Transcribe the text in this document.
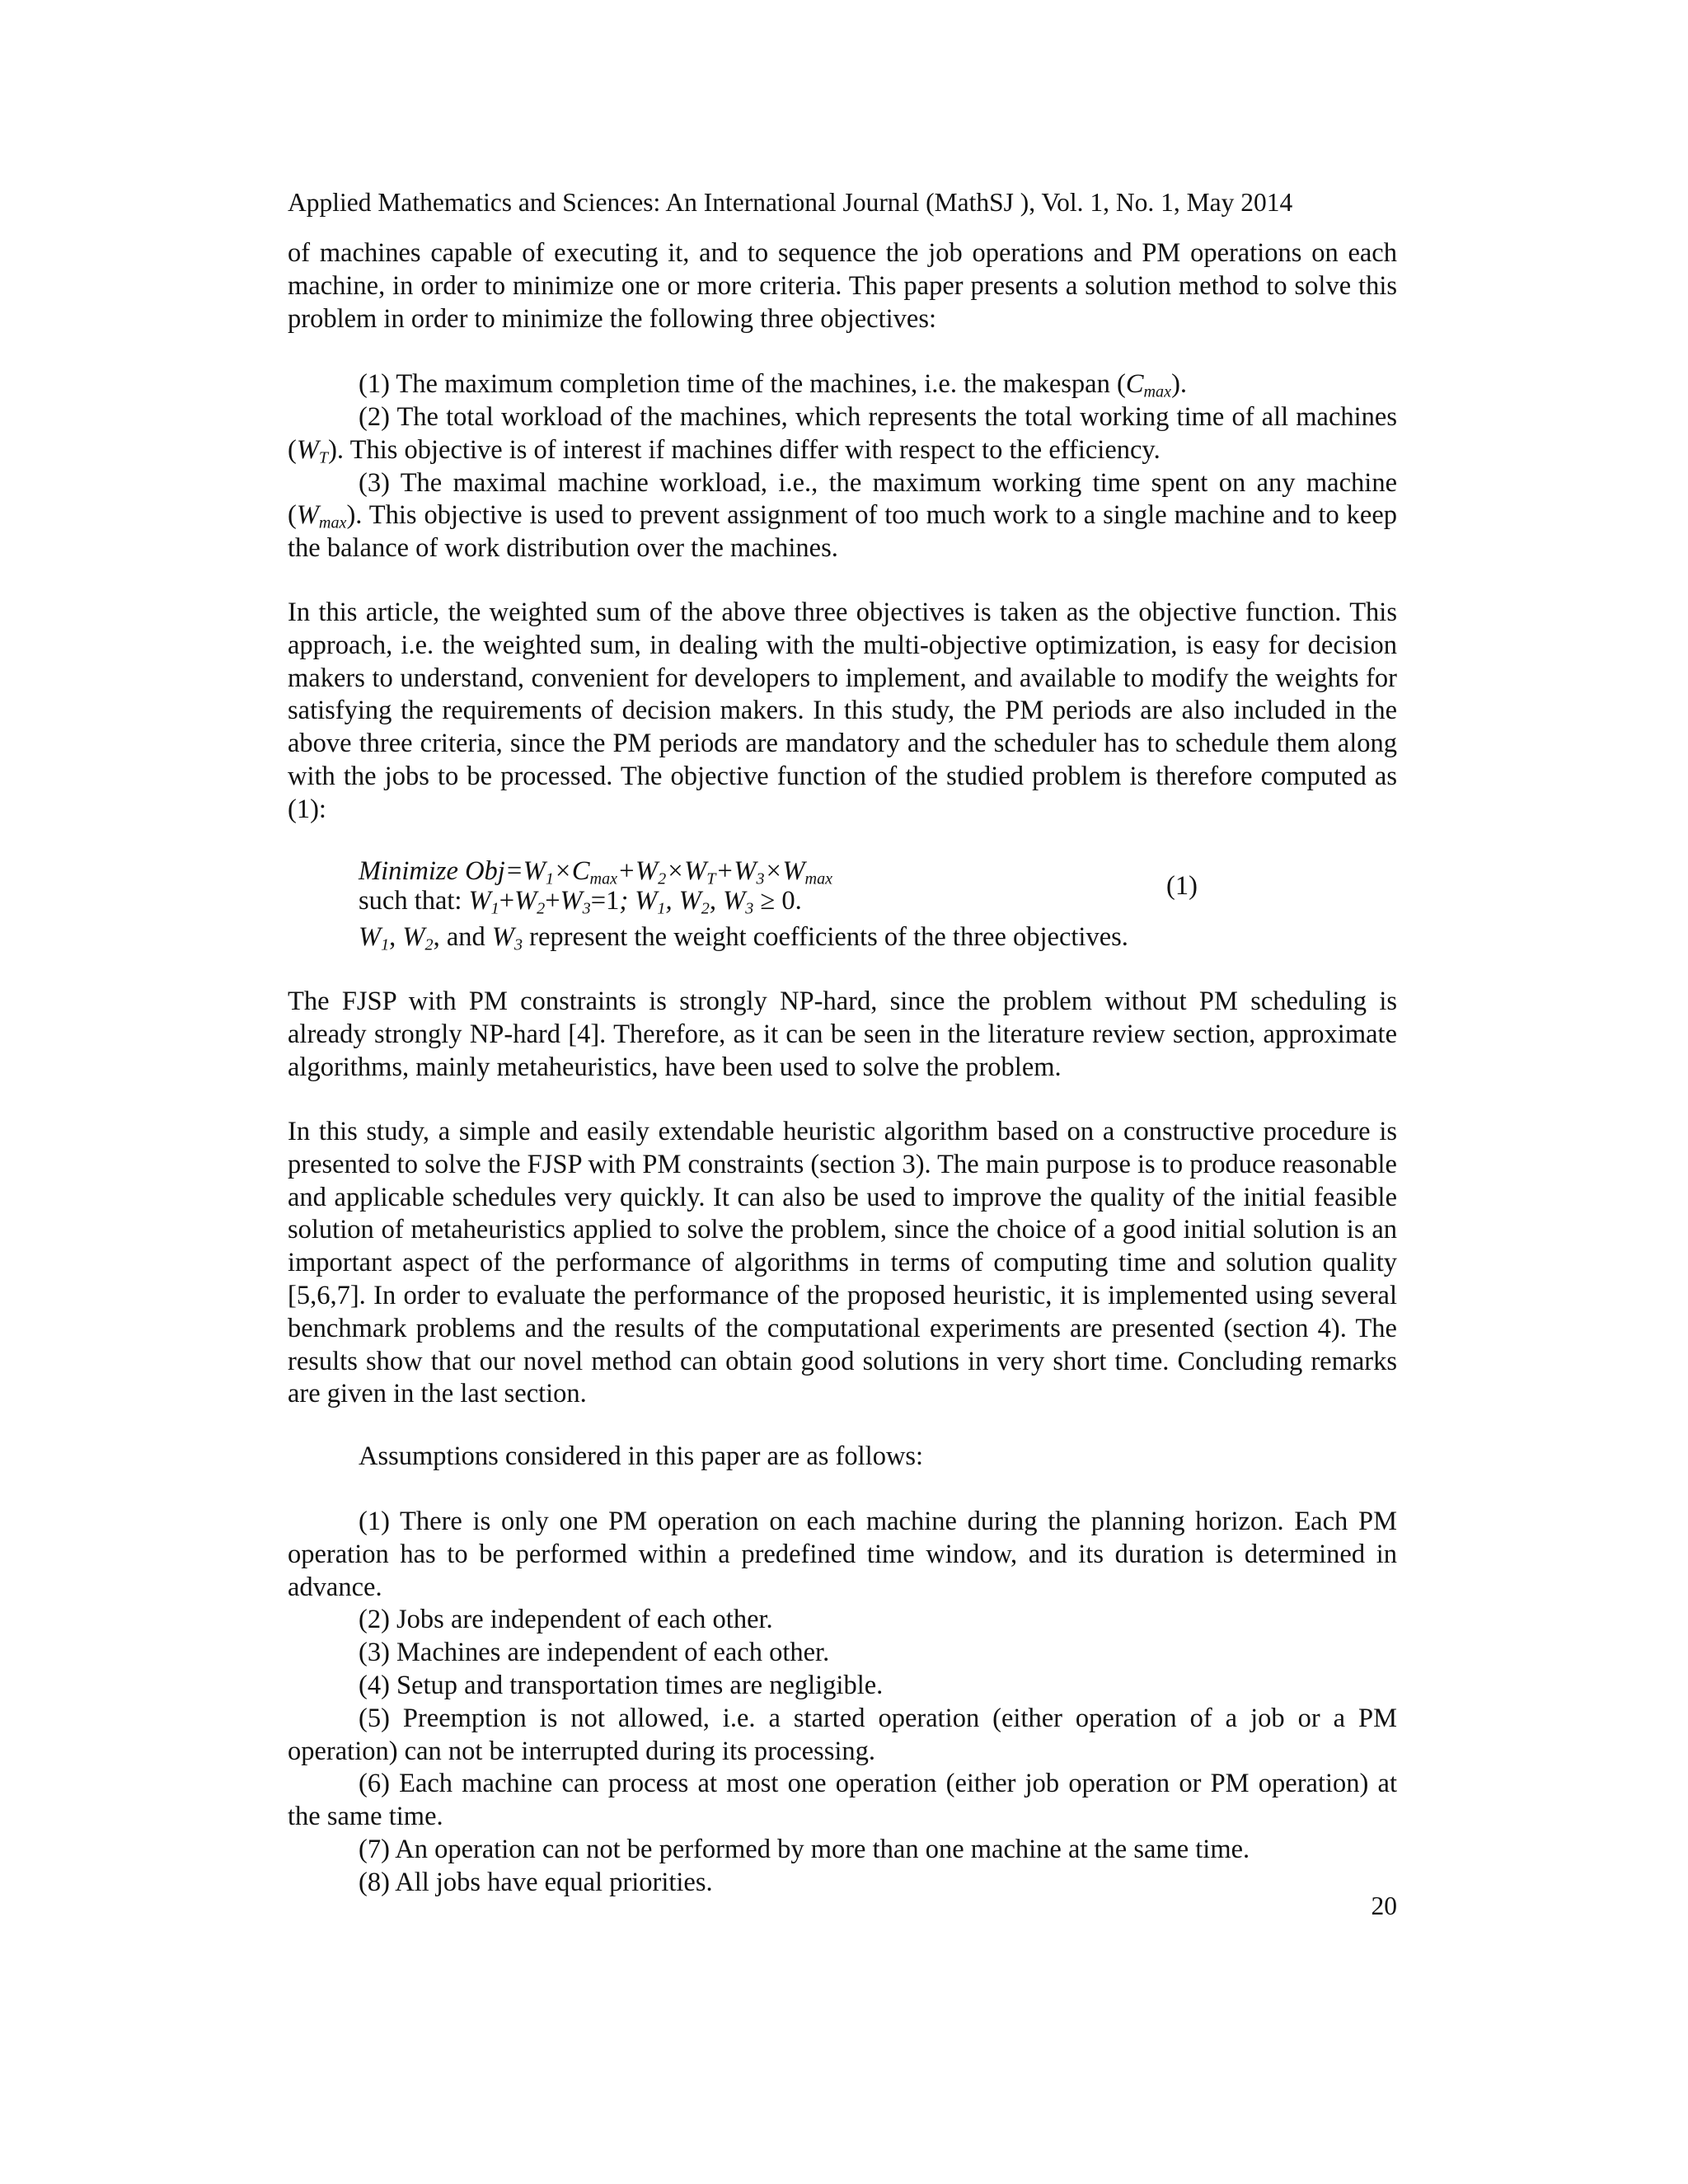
Applied Mathematics and Sciences: An International Journal (MathSJ ), Vol. 1, No. 1, May 2014

of machines capable of executing it, and to sequence the job operations and PM operations on each machine, in order to minimize one or more criteria. This paper presents a solution method to solve this problem in order to minimize the following three objectives:

(1) The maximum completion time of the machines, i.e. the makespan $(C_{max})$.

(2) The total workload of the machines, which represents the total working time of all machines $(W_T)$. This objective is of interest if machines differ with respect to the efficiency.

(3) The maximal machine workload, i.e., the maximum working time spent on any machine $(W_{max})$. This objective is used to prevent assignment of too much work to a single machine and to keep the balance of work distribution over the machines.

In this article, the weighted sum of the above three objectives is taken as the objective function. This approach, i.e. the weighted sum, in dealing with the multi-objective optimization, is easy for decision makers to understand, convenient for developers to implement, and available to modify the weights for satisfying the requirements of decision makers. In this study, the PM periods are also included in the above three criteria, since the PM periods are mandatory and the scheduler has to schedule them along with the jobs to be processed. The objective function of the studied problem is therefore computed as (1):

Minimize $Obj=W_1\times C_{max}+W_2\times W_T+W_3\times W_{max}$
such that: $W_1+W_2+W_3=1$; $W_1$, $W_2$, $W_3 \ge 0$.	(1)
$W_1$, $W_2$, and $W_3$ represent the weight coefficients of the three objectives.

The FJSP with PM constraints is strongly NP-hard, since the problem without PM scheduling is already strongly NP-hard [4]. Therefore, as it can be seen in the literature review section, approximate algorithms, mainly metaheuristics, have been used to solve the problem.

In this study, a simple and easily extendable heuristic algorithm based on a constructive procedure is presented to solve the FJSP with PM constraints (section 3). The main purpose is to produce reasonable and applicable schedules very quickly. It can also be used to improve the quality of the initial feasible solution of metaheuristics applied to solve the problem, since the choice of a good initial solution is an important aspect of the performance of algorithms in terms of computing time and solution quality [5,6,7]. In order to evaluate the performance of the proposed heuristic, it is implemented using several benchmark problems and the results of the computational experiments are presented (section 4). The results show that our novel method can obtain good solutions in very short time. Concluding remarks are given in the last section.

Assumptions considered in this paper are as follows:

(1) There is only one PM operation on each machine during the planning horizon. Each PM operation has to be performed within a predefined time window, and its duration is determined in advance.

(2) Jobs are independent of each other.

(3) Machines are independent of each other.

(4) Setup and transportation times are negligible.

(5) Preemption is not allowed, i.e. a started operation (either operation of a job or a PM operation) can not be interrupted during its processing.

(6) Each machine can process at most one operation (either job operation or PM operation) at the same time.

(7) An operation can not be performed by more than one machine at the same time.

(8) All jobs have equal priorities.

20
